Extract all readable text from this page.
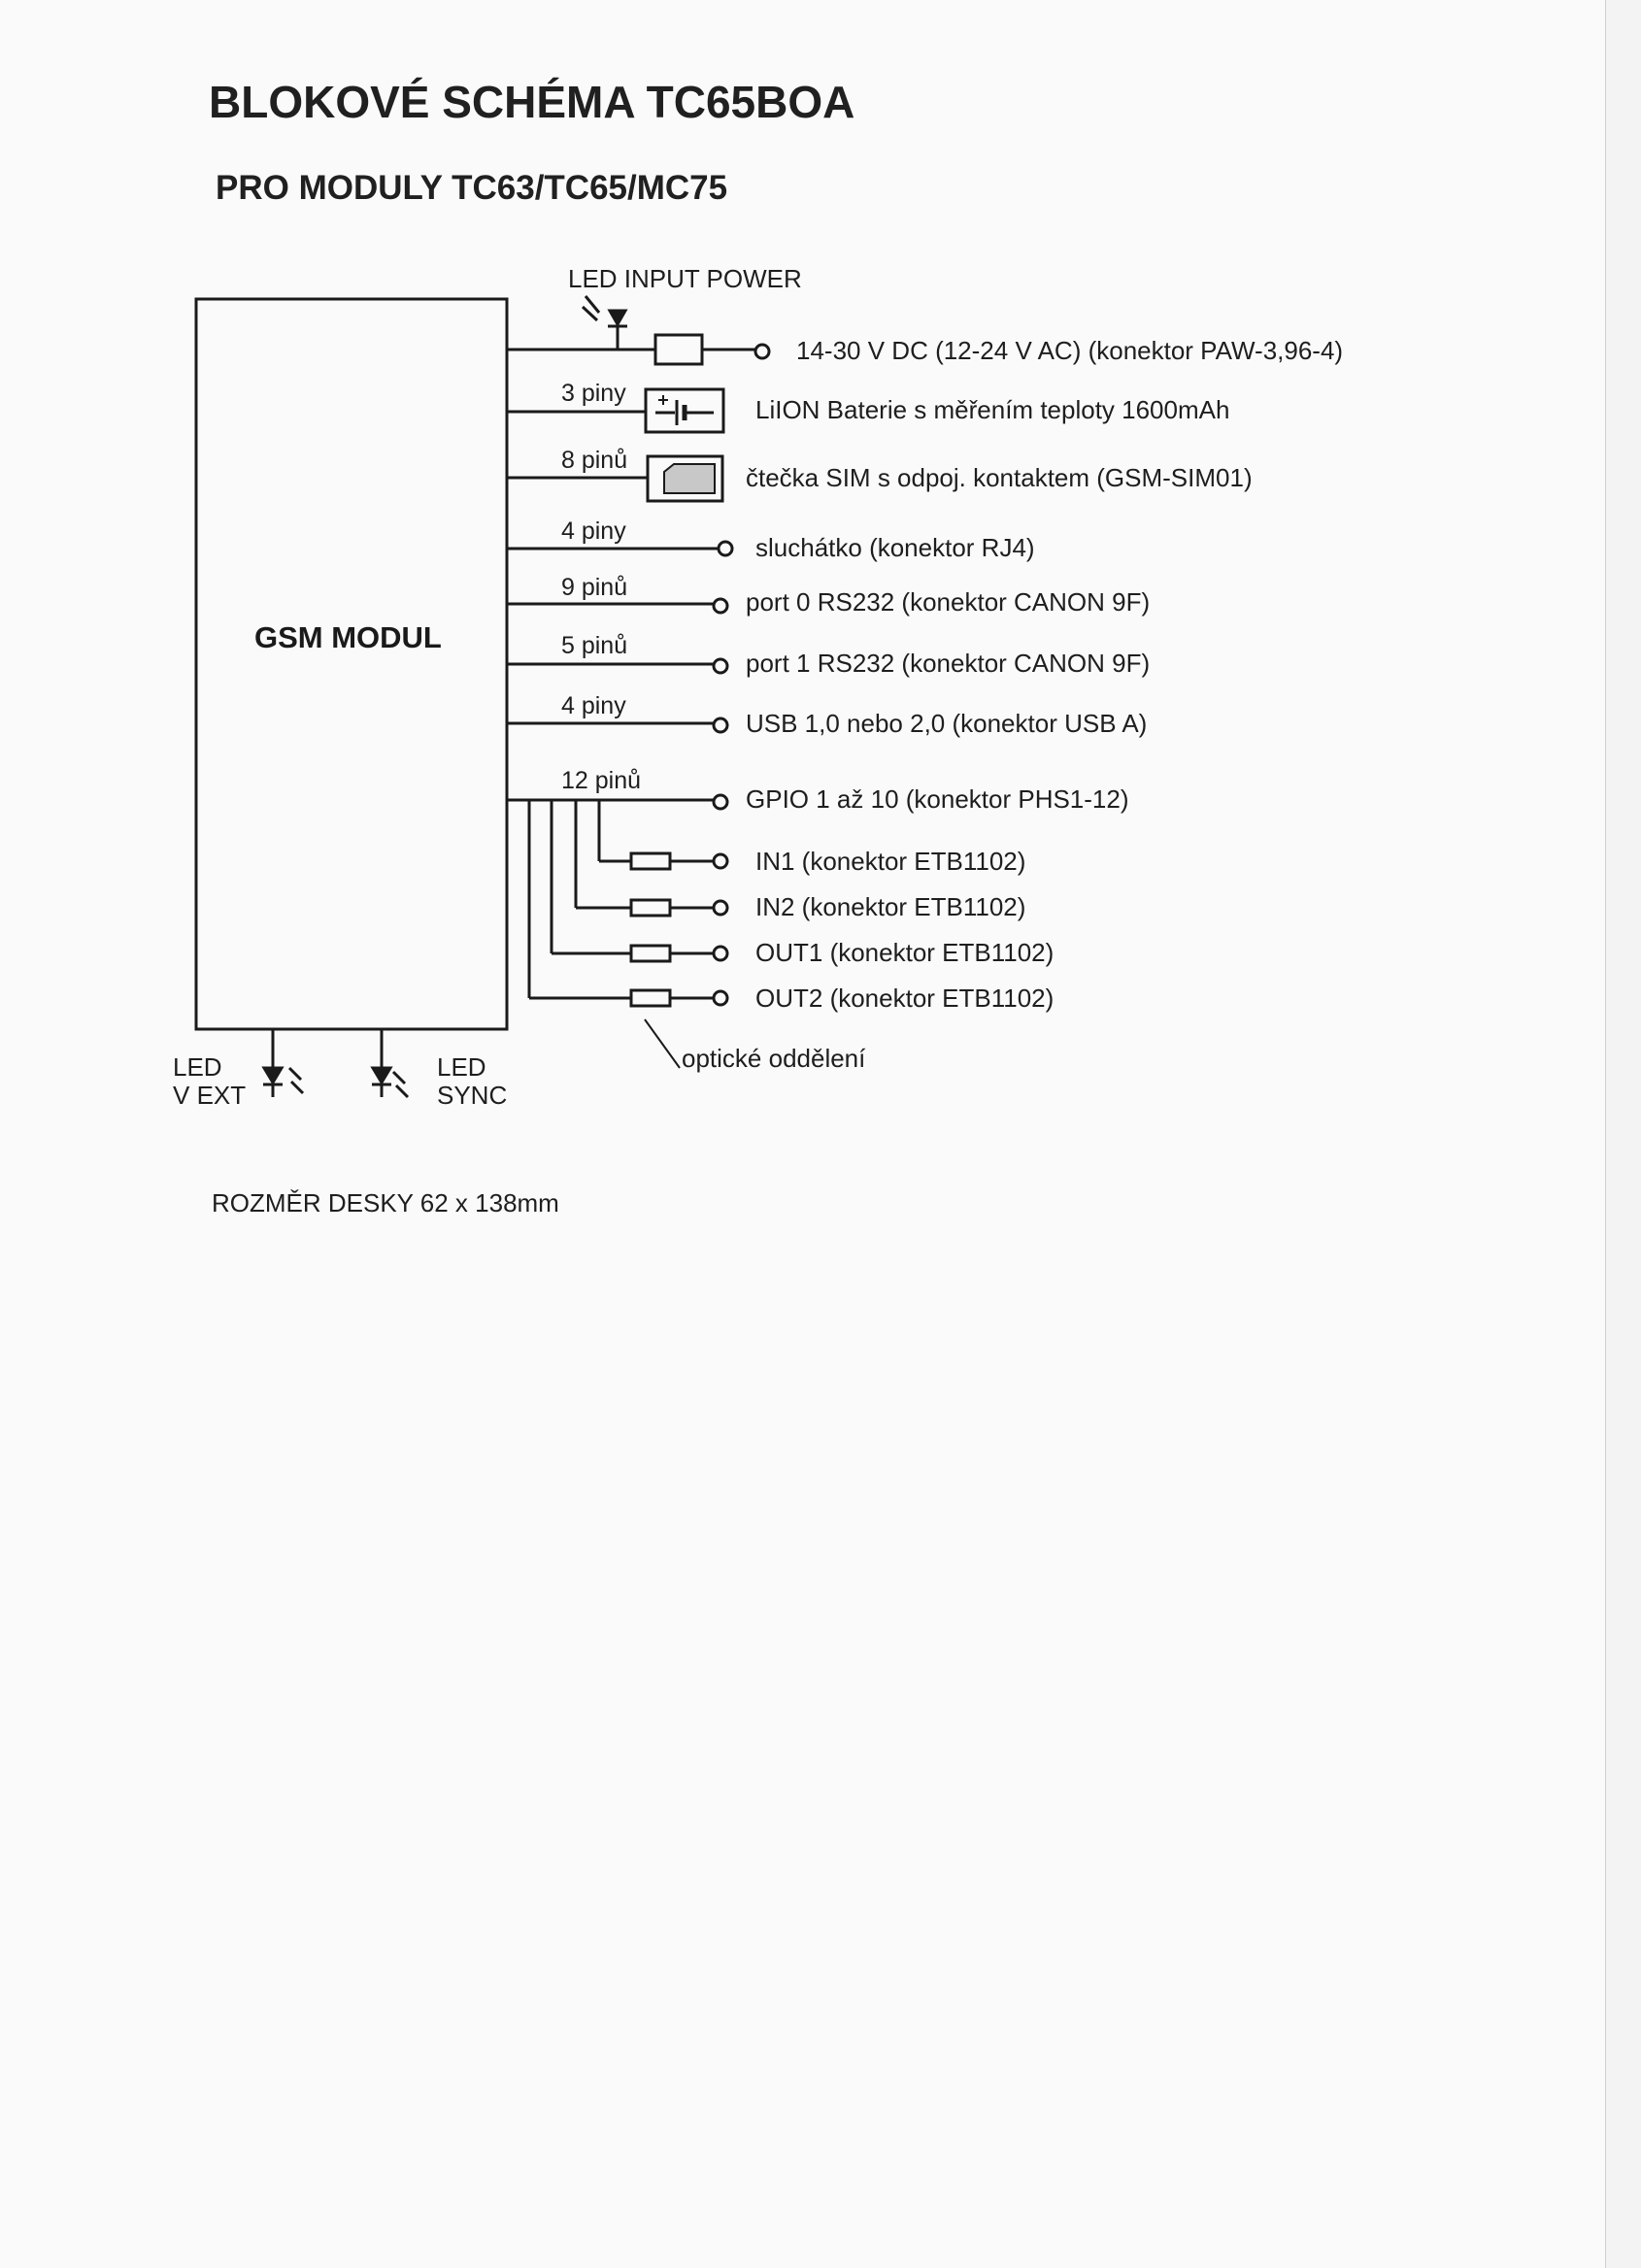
BLOKOVÉ SCHÉMA TC65BOA
PRO MODULY TC63/TC65/MC75
GSM MODUL
LED INPUT POWER
14-30 V DC (12-24 V AC) (konektor PAW-3,96-4)
3 piny
LiION Baterie s měřením teploty 1600mAh
8 pinů
čtečka SIM s odpoj. kontaktem (GSM-SIM01)
4 piny
sluchátko (konektor RJ4)
9 pinů	port 0 RS232 (konektor CANON 9F)
5 pinů
port 1 RS232 (konektor CANON 9F)
4 piny
USB 1,0 nebo 2,0 (konektor USB A)
12 pinů
GPIO 1 až 10 (konektor PHS1-12)
IN1 (konektor ETB1102)
IN2 (konektor ETB1102)
OUT1 (konektor ETB1102)
OUT2 (konektor ETB1102)
optické oddělení
LED
V EXT
LED
SYNC
ROZMĚR DESKY 62 x 138mm
